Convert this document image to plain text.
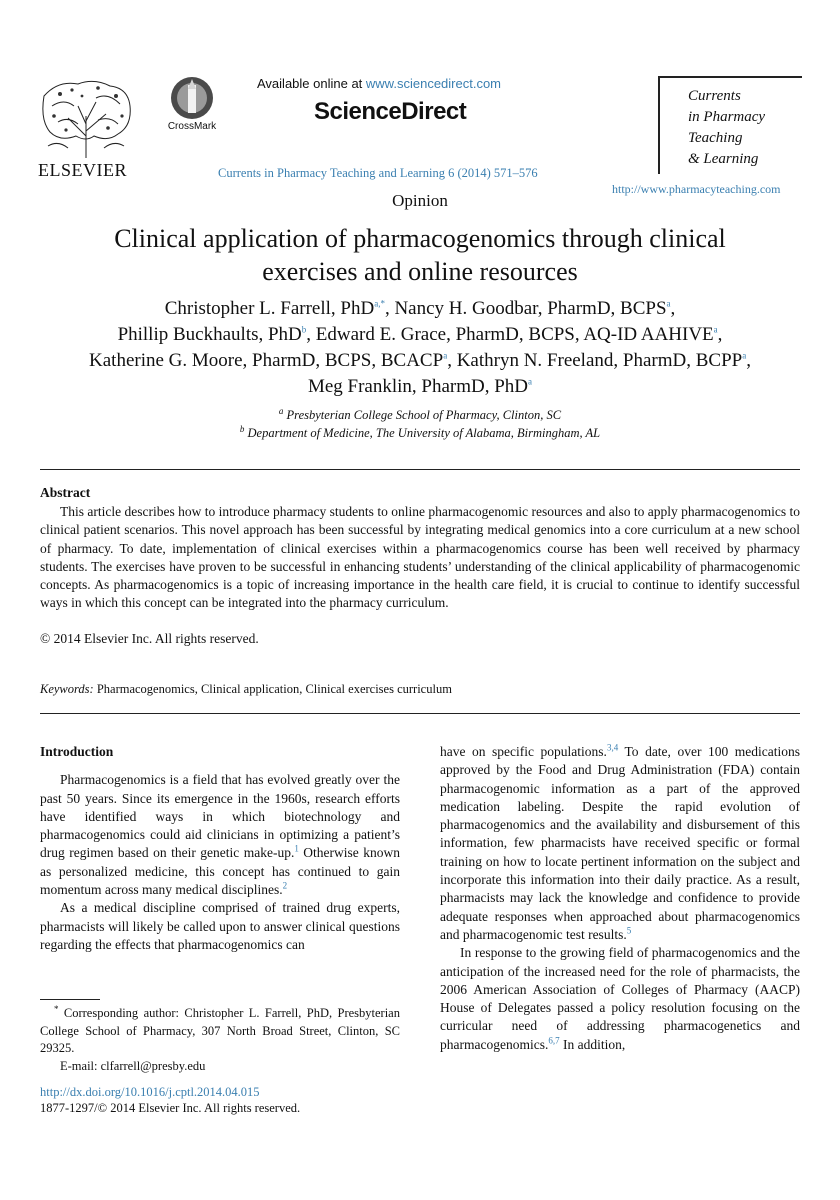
ELSEVIER
CrossMark
Available online at www.sciencedirect.com
ScienceDirect
Currents in Pharmacy Teaching and Learning 6 (2014) 571–576
Currents
in Pharmacy
Teaching
& Learning
http://www.pharmacyteaching.com
Opinion
Clinical application of pharmacogenomics through clinical
exercises and online resources
Christopher L. Farrell, PhD$^{a,*}$, Nancy H. Goodbar, PharmD, BCPS$^a$,
Phillip Buckhaults, PhD$^b$, Edward E. Grace, PharmD, BCPS, AQ-ID AAHIVE$^a$,
Katherine G. Moore, PharmD, BCPS, BCACP$^a$, Kathryn N. Freeland, PharmD, BCPP$^a$,
Meg Franklin, PharmD, PhD$^a$
$^a$ Presbyterian College School of Pharmacy, Clinton, SC
$^b$ Department of Medicine, The University of Alabama, Birmingham, AL
Abstract
This article describes how to introduce pharmacy students to online pharmacogenomic resources and also to apply pharmacogenomics to clinical patient scenarios. This novel approach has been successful by integrating medical genomics into a core curriculum at a new school of pharmacy. To date, implementation of clinical exercises within a pharmacogenomics course has been well received by pharmacy students. The exercises have proven to be successful in enhancing students’ understanding of the clinical applicability of pharmacogenomic concepts. As pharmacogenomics is a topic of increasing importance in the health care field, it is crucial to continue to identify successful ways in which this concept can be integrated into the pharmacy curriculum.
© 2014 Elsevier Inc. All rights reserved.
Keywords: Pharmacogenomics, Clinical application, Clinical exercises curriculum
Introduction

Pharmacogenomics is a field that has evolved greatly over the past 50 years. Since its emergence in the 1960s, research efforts have identified ways in which biotechnology and pharmacogenomics could aid clinicians in optimizing a patient’s drug regimen based on their genetic make-up.$^1$ Otherwise known as personalized medicine, this concept has continued to gain momentum across many medical disciplines.$^2$

As a medical discipline comprised of trained drug experts, pharmacists will likely be called upon to answer clinical questions regarding the effects that pharmacogenomics can

have on specific populations.$^{3,4}$ To date, over 100 medications approved by the Food and Drug Administration (FDA) contain pharmacogenomic information as a part of the approved medication labeling. Despite the rapid evolution of pharmacogenomics and the availability and disbursement of this information, few pharmacists have received specific or formal training on how to locate pertinent information on the subject and incorporate this information into their daily practice. As a result, pharmacists may lack the knowledge and confidence to provide adequate responses when approached about pharmacogenomics and pharmacogenomic test results.$^5$

In response to the growing field of pharmacogenomics and the anticipation of the increased need for the role of pharmacists, the 2006 American Association of Colleges of Pharmacy (AACP) House of Delegates passed a policy resolution focusing on the curricular need of addressing pharmacogenetics and pharmacogenomics.$^{6,7}$ In addition,

* Corresponding author: Christopher L. Farrell, PhD, Presbyterian College School of Pharmacy, 307 North Broad Street, Clinton, SC 29325.
E-mail: clfarrell@presby.edu
http://dx.doi.org/10.1016/j.cptl.2014.04.015
1877-1297/© 2014 Elsevier Inc. All rights reserved.
